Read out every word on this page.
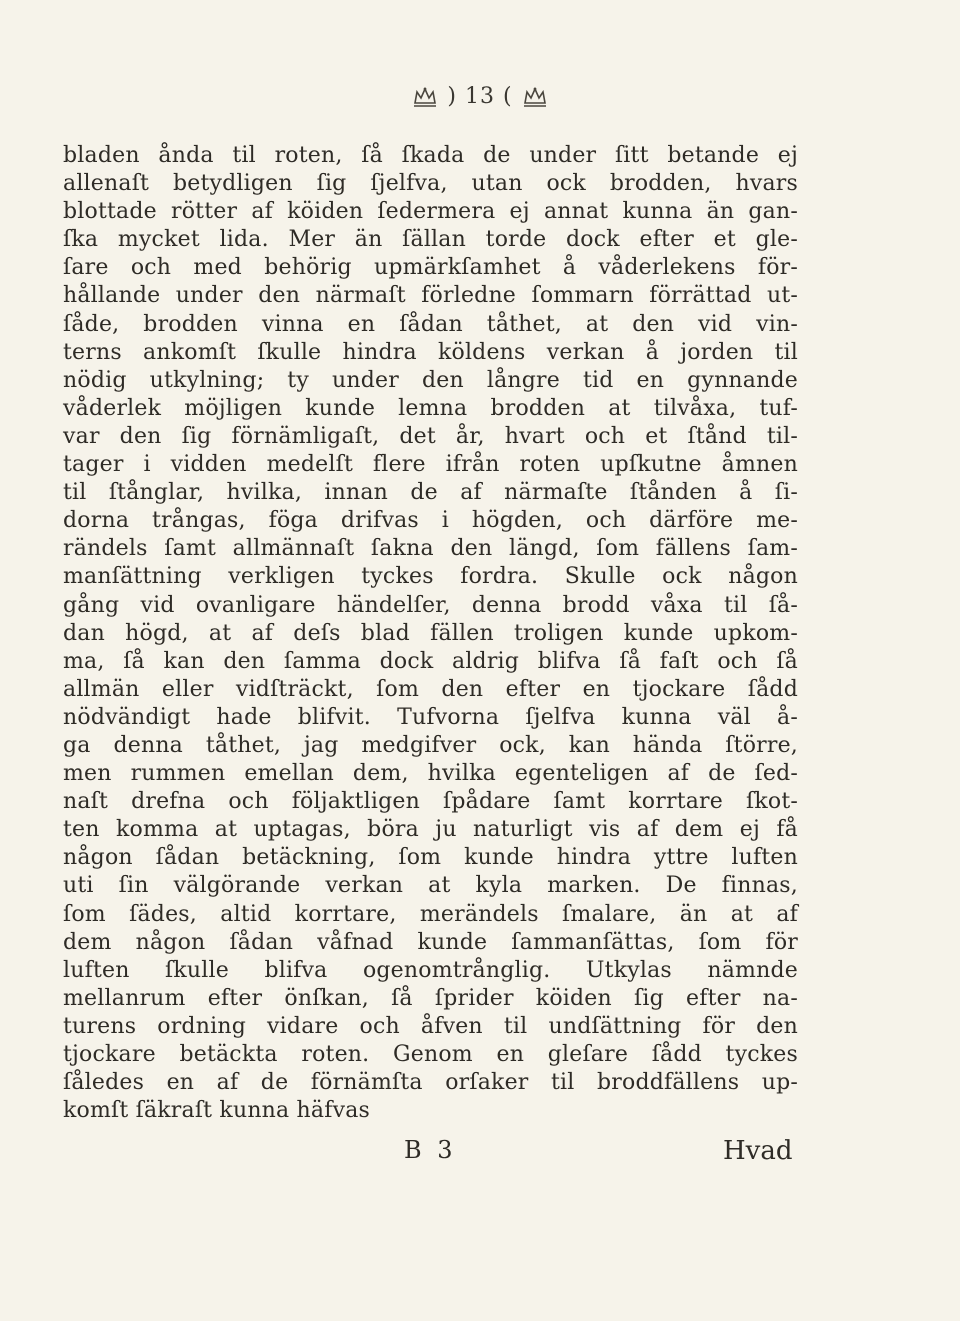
) 13 (
bladen ånda til roten, ſå ſkada de under ſitt betande ej
allenaſt betydligen ſig ſjelfva, utan ock brodden, hvars
blottade rötter af köiden ſedermera ej annat kunna än gan-
ſka mycket lida. Mer än ſällan torde dock efter et gle-
ſare och med behörig upmärkſamhet å våderlekens för-
hållande under den närmaſt förledne ſommarn förrättad ut-
ſåde, brodden vinna en ſådan tåthet, at den vid vin-
terns ankomſt ſkulle hindra köldens verkan å jorden til
nödig utkylning; ty under den långre tid en gynnande
våderlek möjligen kunde lemna brodden at tilvåxa, tuf-
var den ſig förnämligaſt, det år, hvart och et ſtånd til-
tager i vidden medelſt flere ifrån roten upſkutne åmnen
til ſtånglar, hvilka, innan de af närmaſte ſtånden å ſi-
dorna trångas, föga drifvas i högden, och därföre me-
rändels ſamt allmännaſt ſakna den längd, ſom fällens ſam-
manſättning verkligen tyckes fordra. Skulle ock någon
gång vid ovanligare händelſer, denna brodd våxa til ſå-
dan högd, at af deſs blad fällen troligen kunde upkom-
ma, ſå kan den ſamma dock aldrig blifva ſå faſt och ſå
allmän eller vidſträckt, ſom den efter en tjockare ſådd
nödvändigt hade blifvit. Tufvorna ſjelfva kunna väl å-
ga denna tåthet, jag medgifver ock, kan hända ſtörre,
men rummen emellan dem, hvilka egenteligen af de ſed-
naſt drefna och följaktligen ſpådare ſamt korrtare ſkot-
ten komma at uptagas, böra ju naturligt vis af dem ej få
någon ſådan betäckning, ſom kunde hindra yttre luften
uti ſin välgörande verkan at kyla marken. De finnas,
ſom ſädes, altid korrtare, merändels ſmalare, än at af
dem någon ſådan våfnad kunde ſammanſättas, ſom för
luften ſkulle blifva ogenomtrånglig. Utkylas nämnde
mellanrum efter önſkan, ſå ſprider köiden ſig efter na-
turens ordning vidare och åfven til undſättning för den
tjockare betäckta roten. Genom en gleſare ſådd tyckes
ſåledes en af de förnämſta orſaker til broddfällens up-
komſt ſäkraſt kunna häfvas
B 3	Hvad
